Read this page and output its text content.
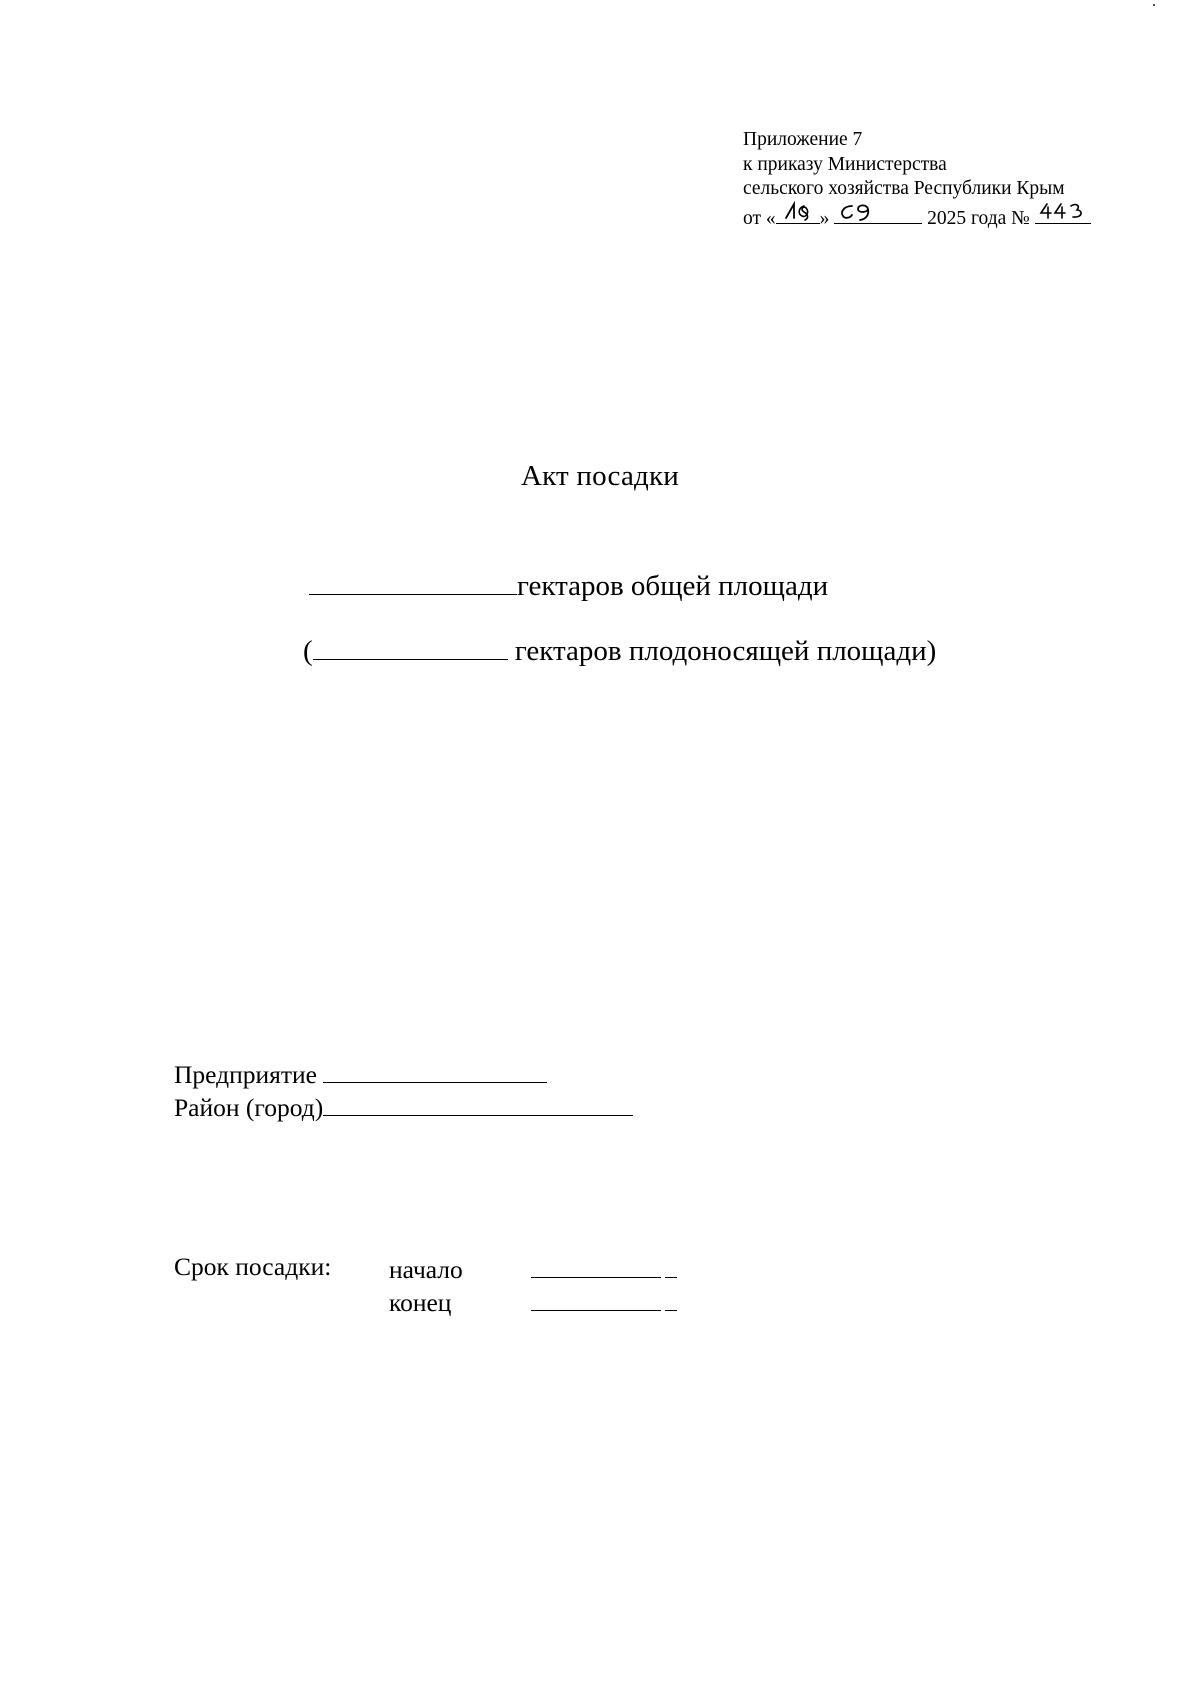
Приложение 7
к приказу Министерства
сельского хозяйства Республики Крым
от « »	2025 года №
Акт посадки
гектаров общей площади
(	гектаров плодоносящей площади)
Предприятие
Район (город)
Срок посадки: начало
конец
